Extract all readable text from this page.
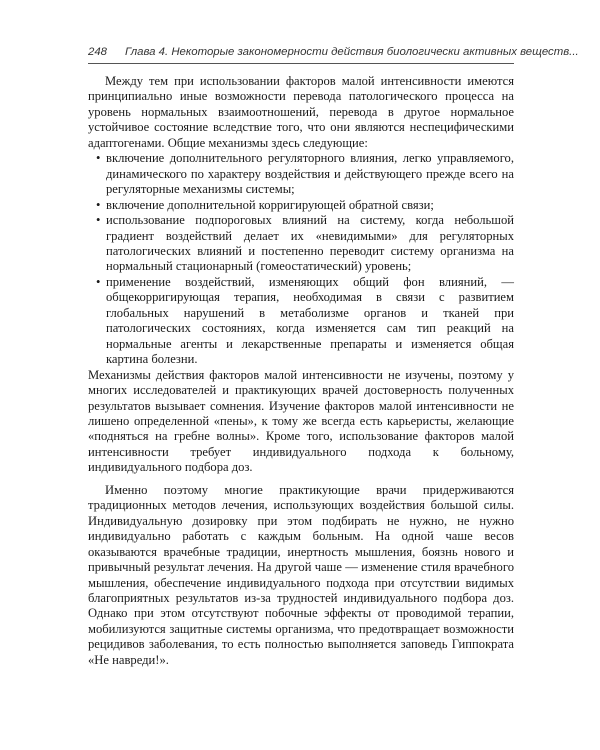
248 Глава 4. Некоторые закономерности действия биологически активных веществ...

Между тем при использовании факторов малой интенсивности имеются принципиально иные возможности перевода патологического процесса на уровень нормальных взаимоотношений, перевода в другое нормальное устойчивое состояние вследствие того, что они являются неспецифическими адаптогенами. Общие механизмы здесь следующие:

• включение дополнительного регуляторного влияния, легко управляемого, динамического по характеру воздействия и действующего прежде всего на регуляторные механизмы системы;
• включение дополнительной корригирующей обратной связи;
• использование подпороговых влияний на систему, когда небольшой градиент воздействий делает их «невидимыми» для регуляторных патологических влияний и постепенно переводит систему организма на нормальный стационарный (гомеостатический) уровень;
• применение воздействий, изменяющих общий фон влияний, — общекорригирующая терапия, необходимая в связи с развитием глобальных нарушений в метаболизме органов и тканей при патологических состояниях, когда изменяется сам тип реакций на нормальные агенты и лекарственные препараты и изменяется общая картина болезни.

Механизмы действия факторов малой интенсивности не изучены, поэтому у многих исследователей и практикующих врачей достоверность полученных результатов вызывает сомнения. Изучение факторов малой интенсивности не лишено определенной «пены», к тому же всегда есть карьеристы, желающие «подняться на гребне волны». Кроме того, использование факторов малой интенсивности требует индивидуального подхода к больному, индивидуального подбора доз.

Именно поэтому многие практикующие врачи придерживаются традиционных методов лечения, использующих воздействия большой силы. Индивидуальную дозировку при этом подбирать не нужно, не нужно индивидуально работать с каждым больным. На одной чаше весов оказываются врачебные традиции, инертность мышления, боязнь нового и привычный результат лечения. На другой чаше — изменение стиля врачебного мышления, обеспечение индивидуального подхода при отсутствии видимых благоприятных результатов из-за трудностей индивидуального подбора доз. Однако при этом отсутствуют побочные эффекты от проводимой терапии, мобилизуются защитные системы организма, что предотвращает возможности рецидивов заболевания, то есть полностью выполняется заповедь Гиппократа «Не навреди!».
